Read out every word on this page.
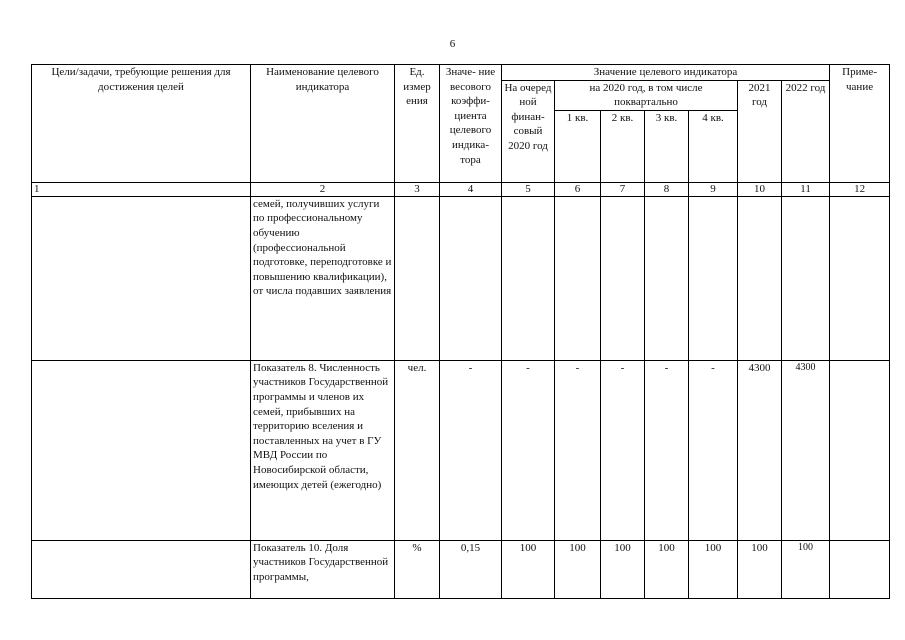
6
Цели/задачи, требующие решения для достижения целей	Наименование целевого индикатора	Ед. измер ения	Значе- ние весового коэффи- циента целевого индика- тора	Значение целевого индикатора							Приме- чание
				На очеред ной финан- совый 2020 год	на 2020 год, в том числе поквартально				2021 год	2022 год	
					1 кв.	2 кв.	3 кв.	4 кв.			
1	2	3	4	5	6	7	8	9	10	11	12
	семей, получивших услуги по профессиональному обучению (профессиональной подготовке, переподготовке и повышению квалификации), от числа подавших заявления										
	Показатель 8. Численность участников Государственной программы и членов их семей, прибывших на территорию вселения и поставленных на учет в ГУ МВД России по Новосибирской области, имеющих детей (ежегодно)	чел.	-	-	-	-	-	-	4300	4300	
	Показатель 10. Доля участников Государственной программы,	%	0,15	100	100	100	100	100	100	100	
